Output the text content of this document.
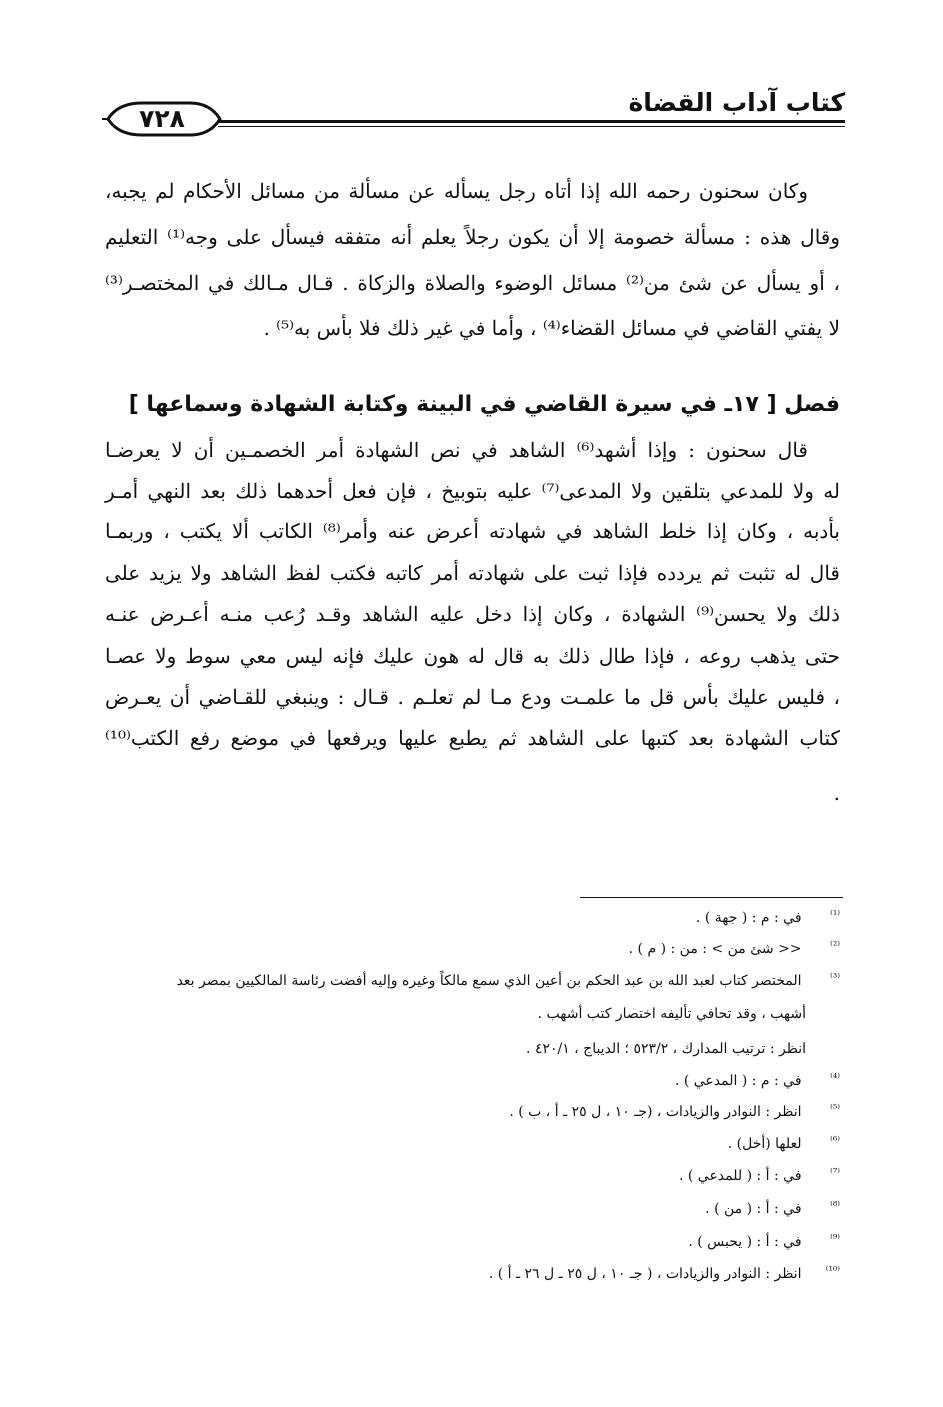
كتاب آداب القضاة
٧٢٨
وكان سحنون رحمه الله إذا أتاه رجل يسأله عن مسألة من مسائل الأحكام لم يجبه،
وقال هذه : مسألة خصومة إلا أن يكون رجلاً يعلم أنه متفقه فيسأل على وجه⁽¹⁾ التعليم
، أو يسأل عن شئ من⁽²⁾ مسائل الوضوء والصلاة والزكاة . قـال مـالك في المختصـر⁽³⁾
لا يفتي القاضي في مسائل القضاء⁽⁴⁾ ، وأما في غير ذلك فلا بأس به⁽⁵⁾ .
فصل [ ١٧ـ في سيرة القاضي في البينة وكتابة الشهادة وسماعها ]
قال سحنون : وإذا أشهد⁽⁶⁾ الشاهد في نص الشهادة أمر الخصمـين أن لا يعرضـا
له ولا للمدعي بتلقين ولا المدعى⁽⁷⁾ عليه بتوبيخ ، فإن فعل أحدهما ذلك بعد النهي أمـر
بأدبه ، وكان إذا خلط الشاهد في شهادته أعرض عنه وأمر⁽⁸⁾ الكاتب ألا يكتب ، وربمـا
قال له تثبت ثم يردده فإذا ثبت على شهادته أمر كاتبه فكتب لفظ الشاهد ولا يزيد على
ذلك ولا يحسن⁽⁹⁾ الشهادة ، وكان إذا دخل عليه الشاهد وقـد رُعب منـه أعـرض عنـه
حتى يذهب روعه ، فإذا طال ذلك به قال له هون عليك فإنه ليس معي سوط ولا عصـا
، فليس عليك بأس قل ما علمـت ودع مـا لم تعلـم . قـال : وينبغي للقـاضي أن يعـرض
كتاب الشهادة بعد كتبها على الشاهد ثم يطبع عليها ويرفعها في موضع رفع الكتب⁽¹⁰⁾
.
⁽¹⁾ في : م : ( جهة ) .
⁽²⁾ << شئ من > : من : ( م ) .
⁽³⁾ المختصر كتاب لعبد الله بن عبد الحكم بن أعين الذي سمع مالكاً وغيره وإليه أفضت رئاسة المالكيين بمصر بعد
أشهب ، وقد تحافي تأليفه اختصار كتب أشهب .
انظر : ترتيب المدارك ، ٥٢٣/٢ ؛ الديباج ، ٤٢٠/١ .
⁽⁴⁾ في : م : ( المدعي ) .
⁽⁵⁾ انظر : النوادر والزيادات ، (جـ ١٠ ، ل ٢٥ ـ أ ، ب ) .
⁽⁶⁾ لعلها (أخل) .
⁽⁷⁾ في : أ : ( للمدعي ) .
⁽⁸⁾ في : أ : ( من ) .
⁽⁹⁾ في : أ : ( يحبس ) .
⁽¹⁰⁾ انظر : النوادر والزيادات ، ( جـ ١٠ ، ل ٢٥ ـ ل ٢٦ ـ أ ) .
